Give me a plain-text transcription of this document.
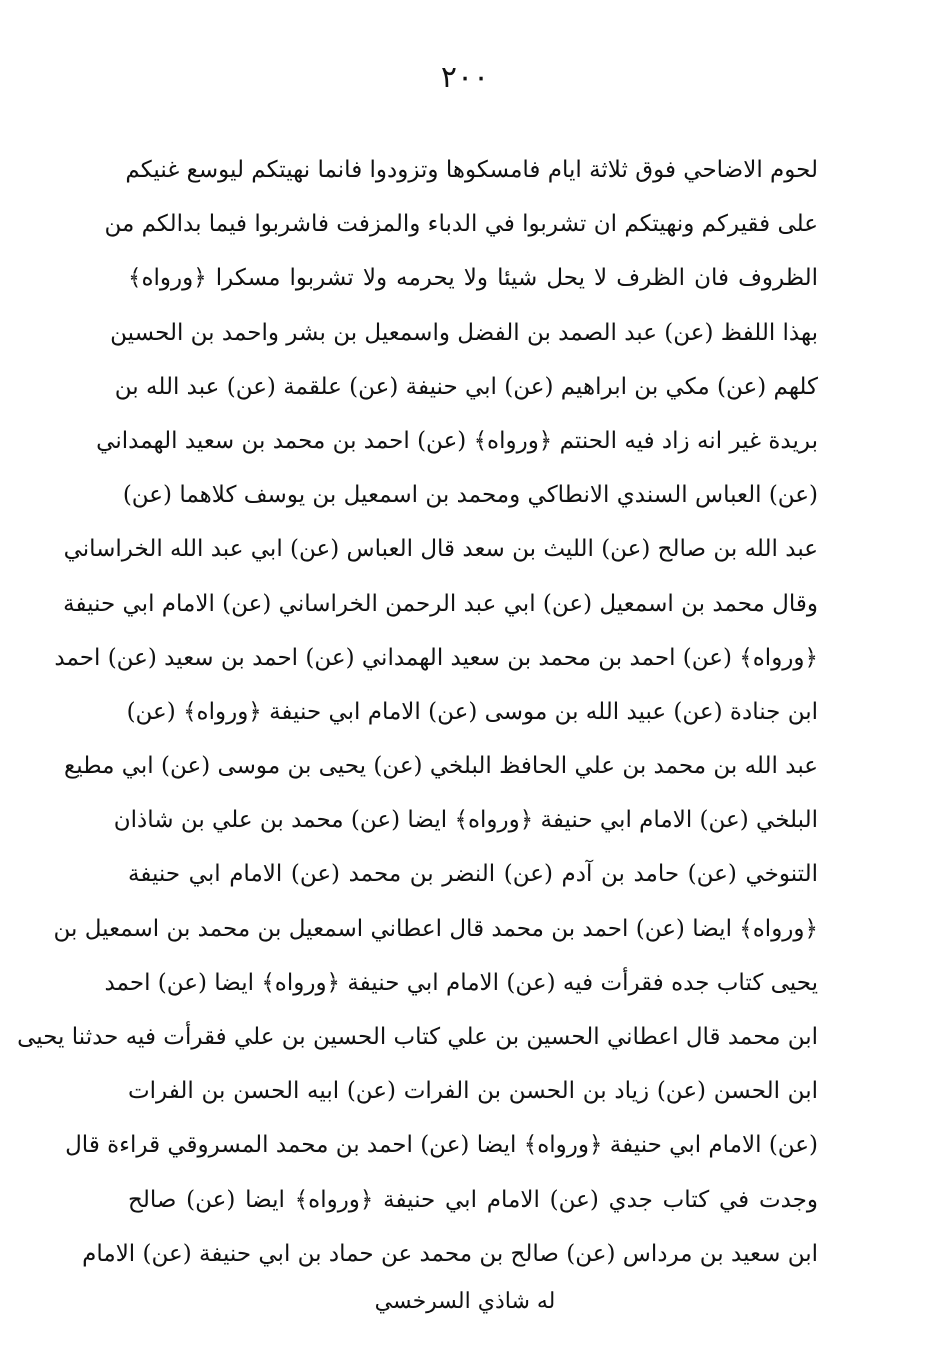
٢٠٠
لحوم الاضاحي فوق ثلاثة ايام فامسكوها وتزودوا فانما نهيتكم ليوسع غنيكم
على فقيركم ونهيتكم ان تشربوا في الدباء والمزفت فاشربوا فيما بدالكم من
الظروف فان الظرف لا يحل شيئا ولا يحرمه ولا تشربوا مسكرا ﴿ورواه﴾
بهذا اللفظ (عن) عبد الصمد بن الفضل واسمعيل بن بشر واحمد بن الحسين
كلهم (عن) مكي بن ابراهيم (عن) ابي حنيفة (عن) علقمة (عن) عبد الله بن
بريدة غير انه زاد فيه الحنتم ﴿ورواه﴾ (عن) احمد بن محمد بن سعيد الهمداني
(عن) العباس السندي الانطاكي ومحمد بن اسمعيل بن يوسف كلاهما (عن)
عبد الله بن صالح (عن) الليث بن سعد قال العباس (عن) ابي عبد الله الخراساني
وقال محمد بن اسمعيل (عن) ابي عبد الرحمن الخراساني (عن) الامام ابي حنيفة
﴿ورواه﴾ (عن) احمد بن محمد بن سعيد الهمداني (عن) احمد بن سعيد (عن) احمد
ابن جنادة (عن) عبيد الله بن موسى (عن) الامام ابي حنيفة ﴿ورواه﴾ (عن)
عبد الله بن محمد بن علي الحافظ البلخي (عن) يحيى بن موسى (عن) ابي مطيع
البلخي (عن) الامام ابي حنيفة ﴿ورواه﴾ ايضا (عن) محمد بن علي بن شاذان
التنوخي (عن) حامد بن آدم (عن) النضر بن محمد (عن) الامام ابي حنيفة
﴿ورواه﴾ ايضا (عن) احمد بن محمد قال اعطاني اسمعيل بن محمد بن اسمعيل بن
يحيى كتاب جده فقرأت فيه (عن) الامام ابي حنيفة ﴿ورواه﴾ ايضا (عن) احمد
ابن محمد قال اعطاني الحسين بن علي كتاب الحسين بن علي فقرأت فيه حدثنا يحيى
ابن الحسن (عن) زياد بن الحسن بن الفرات (عن) ابيه الحسن بن الفرات
(عن) الامام ابي حنيفة ﴿ورواه﴾ ايضا (عن) احمد بن محمد المسروقي قراءة قال
وجدت في كتاب جدي (عن) الامام ابي حنيفة ﴿ورواه﴾ ايضا (عن) صالح
ابن سعيد بن مرداس (عن) صالح بن محمد عن حماد بن ابي حنيفة (عن) الامام
له شاذي السرخسي
